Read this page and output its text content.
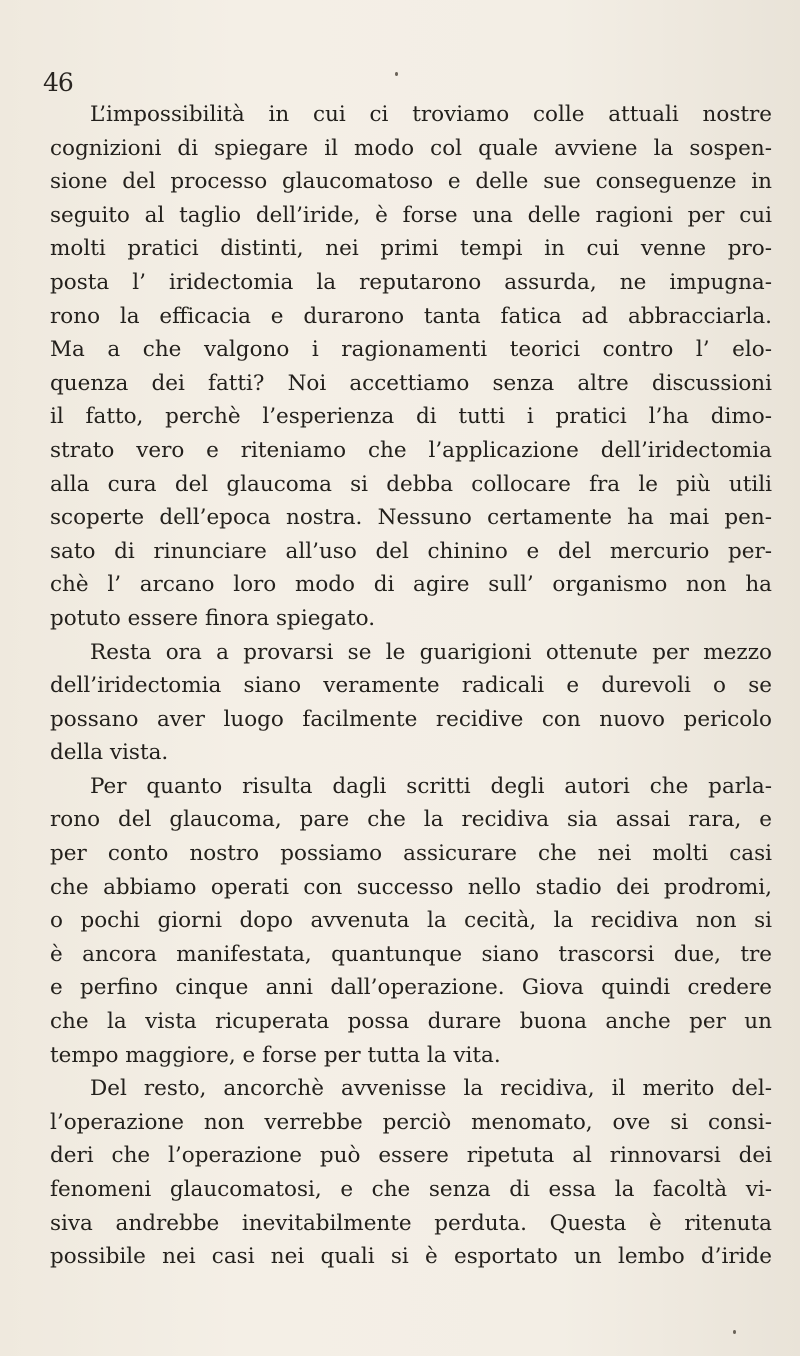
46
L’impossibilità in cui ci troviamo colle attuali nostre
cognizioni di spiegare il modo col quale avviene la sospen-
sione del processo glaucomatoso e delle sue conseguenze in
seguito al taglio dell’iride, è forse una delle ragioni per cui
molti pratici distinti, nei primi tempi in cui venne pro-
posta l’ iridectomia la reputarono assurda, ne impugna-
rono la efficacia e durarono tanta fatica ad abbracciarla.
Ma a che valgono i ragionamenti teorici contro l’ elo-
quenza dei fatti? Noi accettiamo senza altre discussioni
il fatto, perchè l’esperienza di tutti i pratici l’ha dimo-
strato vero e riteniamo che l’applicazione dell’iridectomia
alla cura del glaucoma si debba collocare fra le più utili
scoperte dell’epoca nostra. Nessuno certamente ha mai pen-
sato di rinunciare all’uso del chinino e del mercurio per-
chè l’ arcano loro modo di agire sull’ organismo non ha
potuto essere finora spiegato.
Resta ora a provarsi se le guarigioni ottenute per mezzo
dell’iridectomia siano veramente radicali e durevoli o se
possano aver luogo facilmente recidive con nuovo pericolo
della vista.
Per quanto risulta dagli scritti degli autori che parla-
rono del glaucoma, pare che la recidiva sia assai rara, e
per conto nostro possiamo assicurare che nei molti casi
che abbiamo operati con successo nello stadio dei prodromi,
o pochi giorni dopo avvenuta la cecità, la recidiva non si
è ancora manifestata, quantunque siano trascorsi due, tre
e perfino cinque anni dall’operazione. Giova quindi credere
che la vista ricuperata possa durare buona anche per un
tempo maggiore, e forse per tutta la vita.
Del resto, ancorchè avvenisse la recidiva, il merito del-
l’operazione non verrebbe perciò menomato, ove si consi-
deri che l’operazione può essere ripetuta al rinnovarsi dei
fenomeni glaucomatosi, e che senza di essa la facoltà vi-
siva andrebbe inevitabilmente perduta. Questa è ritenuta
possibile nei casi nei quali si è esportato un lembo d’iride
